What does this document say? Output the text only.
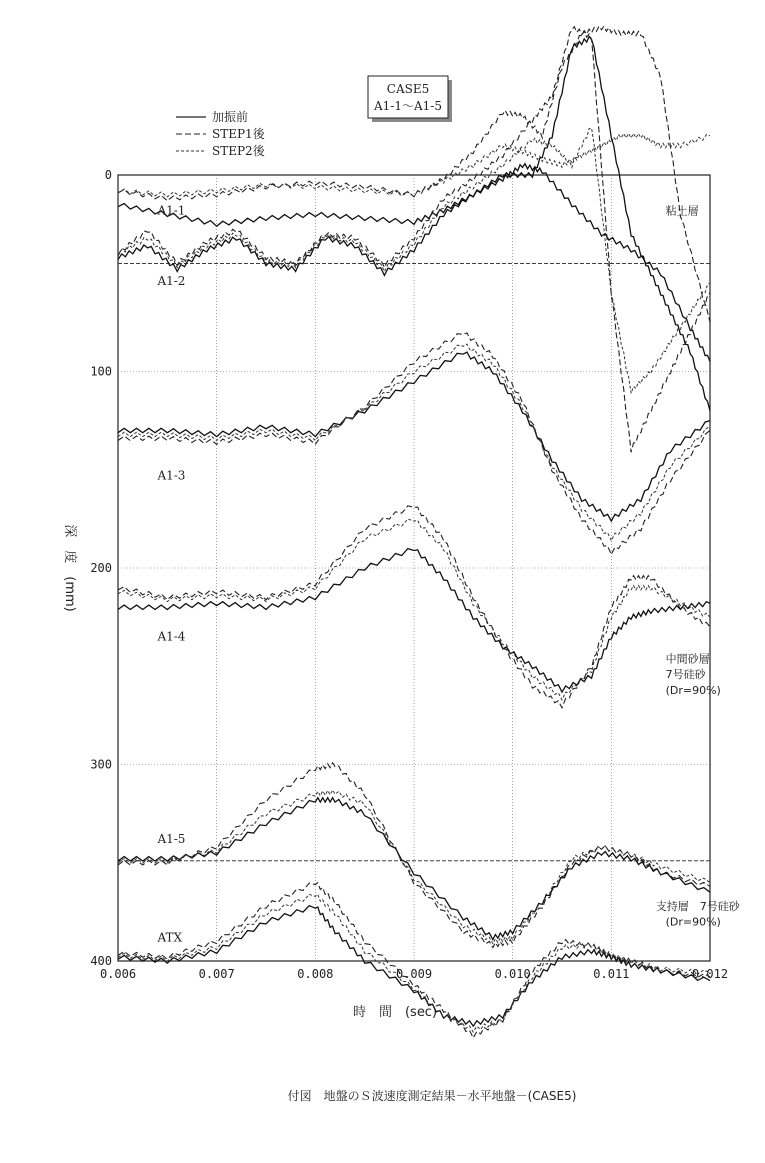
0.006	0.007	0.008	0.009	0.010	0.011	0.012
0
100
200
300
400
A1-1
A1-2
A1-3
A1-4
A1-5
ATX
粘土層
中間砂層
7号硅砂
(Dr=90%)
支持層　7号硅砂
(Dr=90%)
CASE5
A1-1～A1-5
加振前
STEP1後
STEP2後
時　間　(sec)
深　度　(mm)
付図　地盤のＳ波速度測定結果－水平地盤－(CASE5)
